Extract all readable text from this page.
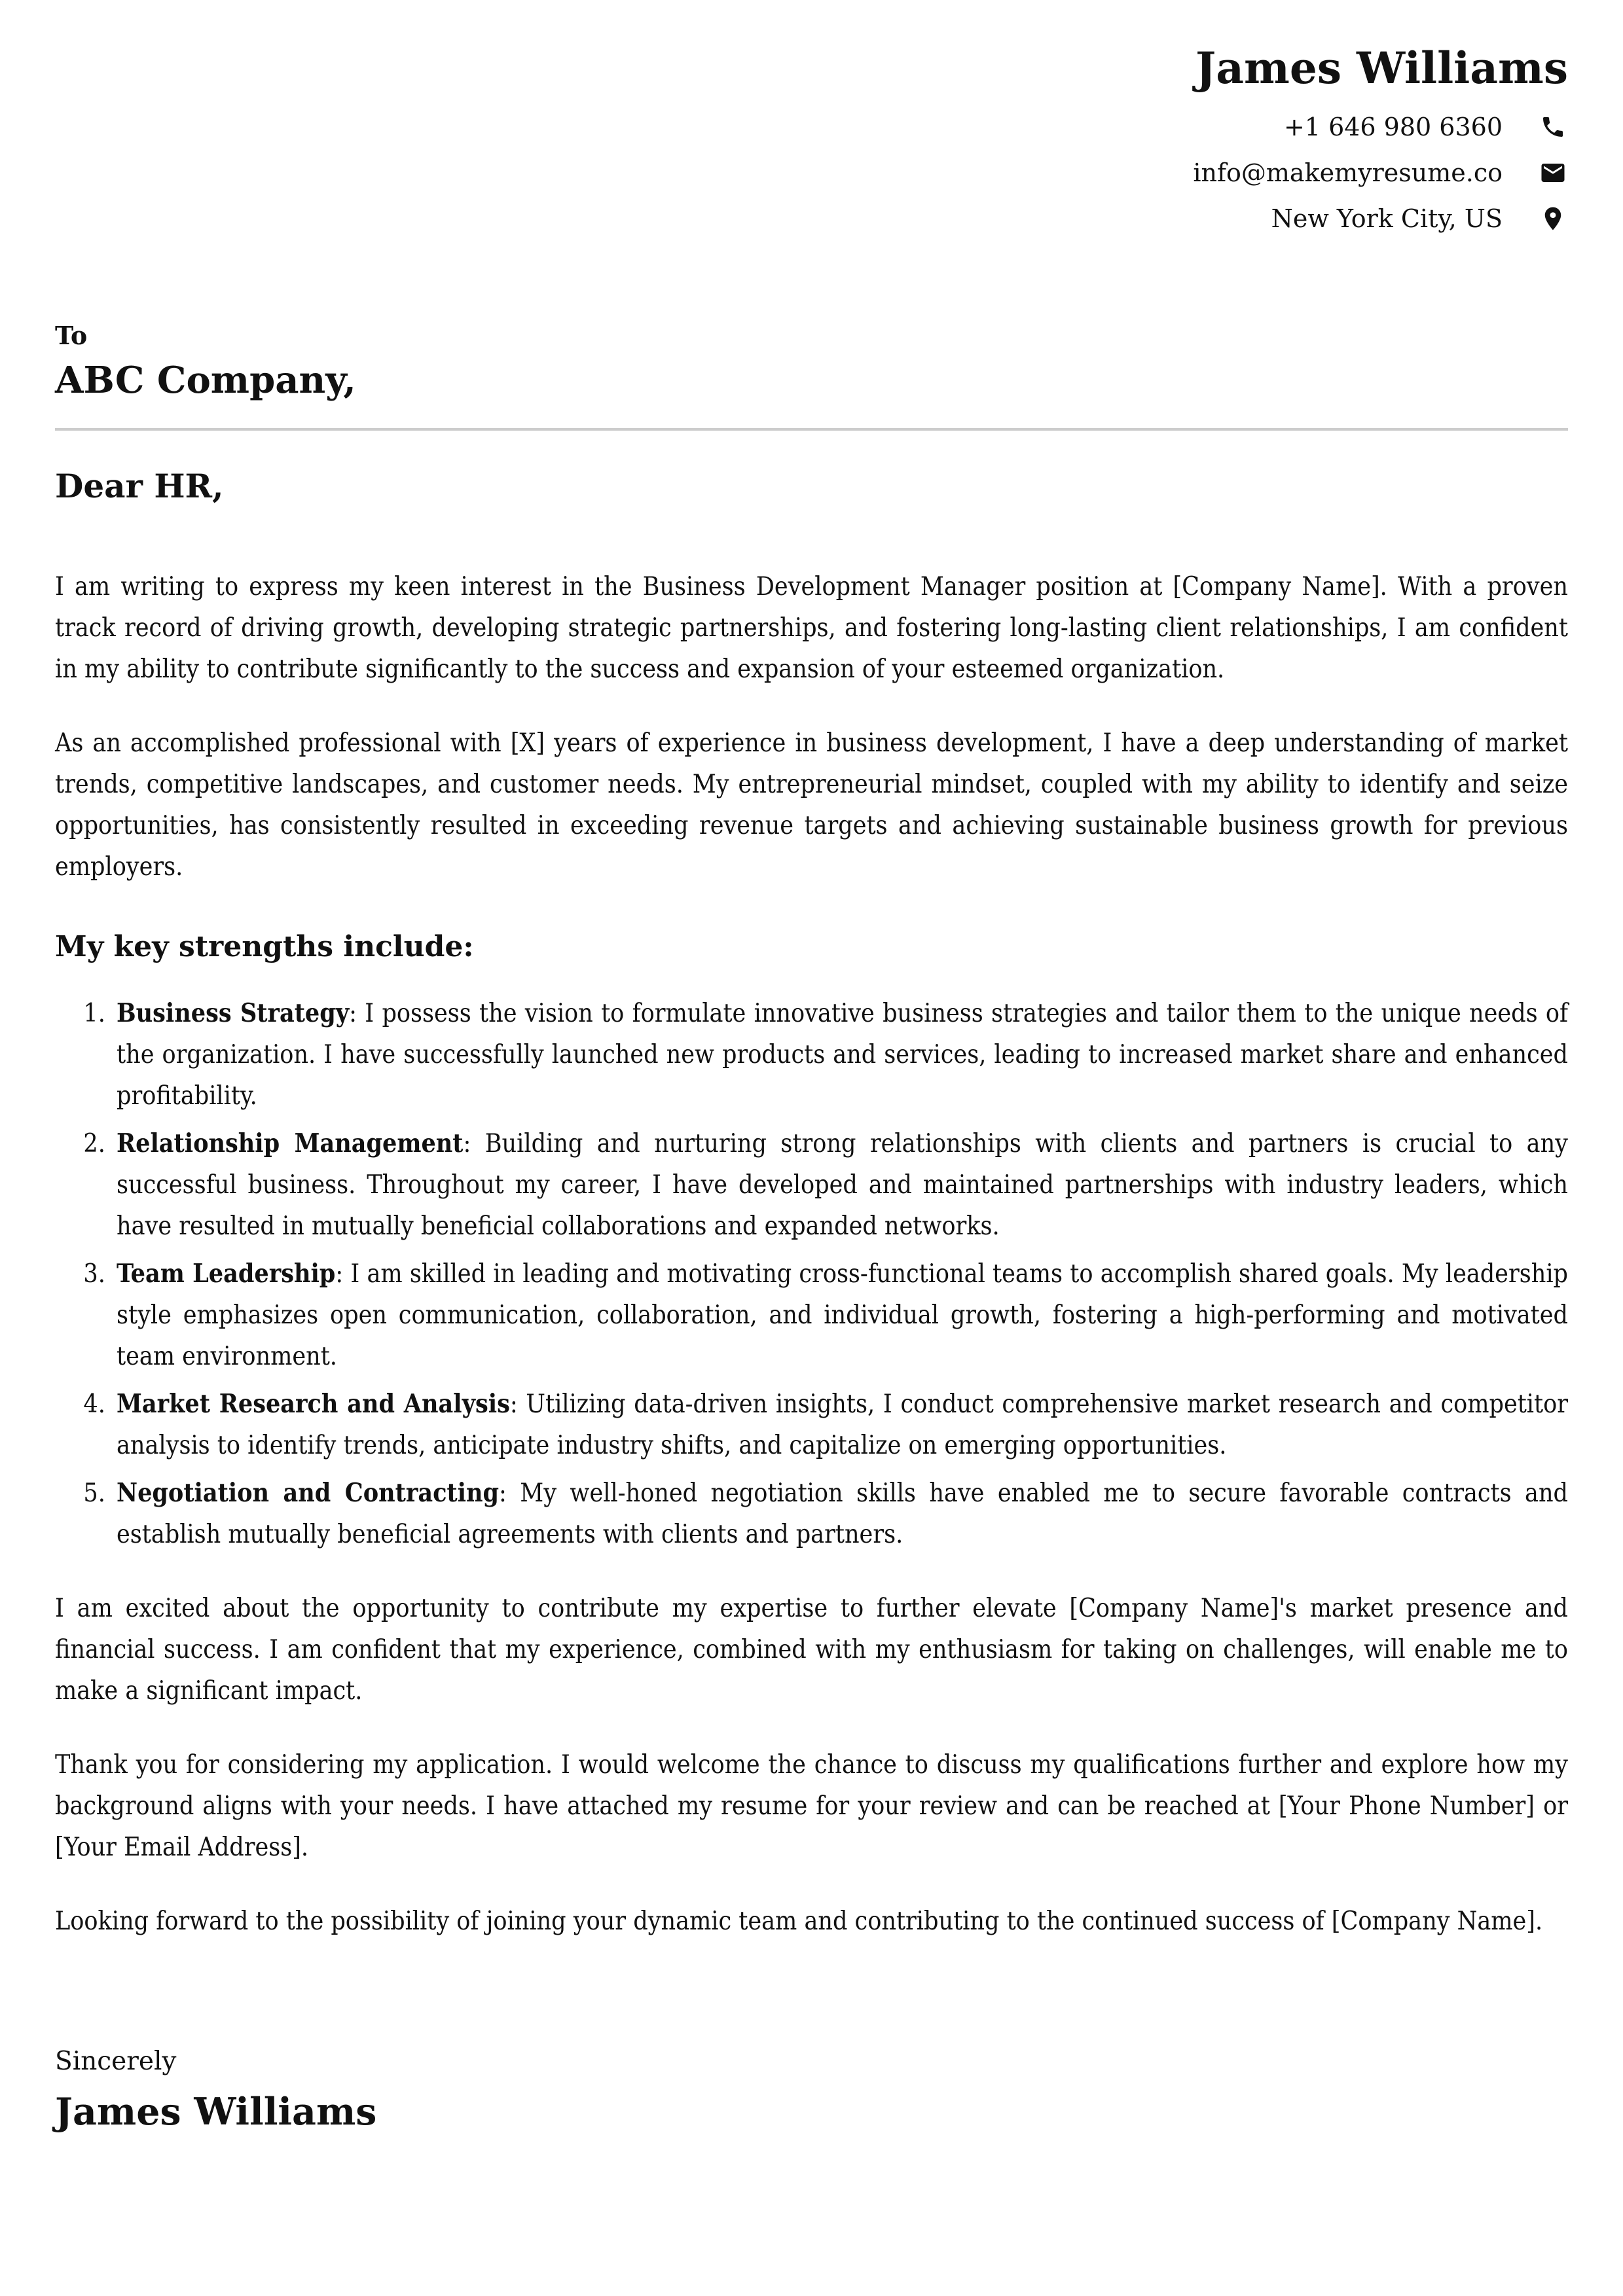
James Williams
+1 646 980 6360
info@makemyresume.co
New York City, US
To
ABC Company,
Dear HR,

I am writing to express my keen interest in the Business Development Manager position at [Company Name]. With a proven track record of driving growth, developing strategic partnerships, and fostering long-lasting client relationships, I am confident in my ability to contribute significantly to the success and expansion of your esteemed organization.

As an accomplished professional with [X] years of experience in business development, I have a deep understanding of market trends, competitive landscapes, and customer needs. My entrepreneurial mindset, coupled with my ability to identify and seize opportunities, has consistently resulted in exceeding revenue targets and achieving sustainable business growth for previous employers.

My key strengths include:

1. Business Strategy: I possess the vision to formulate innovative business strategies and tailor them to the unique needs of the organization. I have successfully launched new products and services, leading to increased market share and enhanced profitability.
2. Relationship Management: Building and nurturing strong relationships with clients and partners is crucial to any successful business. Throughout my career, I have developed and maintained partnerships with industry leaders, which have resulted in mutually beneficial collaborations and expanded networks.
3. Team Leadership: I am skilled in leading and motivating cross-functional teams to accomplish shared goals. My leadership style emphasizes open communication, collaboration, and individual growth, fostering a high-performing and motivated team environment.
4. Market Research and Analysis: Utilizing data-driven insights, I conduct comprehensive market research and competitor analysis to identify trends, anticipate industry shifts, and capitalize on emerging opportunities.
5. Negotiation and Contracting: My well-honed negotiation skills have enabled me to secure favorable contracts and establish mutually beneficial agreements with clients and partners.

I am excited about the opportunity to contribute my expertise to further elevate [Company Name]'s market presence and financial success. I am confident that my experience, combined with my enthusiasm for taking on challenges, will enable me to make a significant impact.

Thank you for considering my application. I would welcome the chance to discuss my qualifications further and explore how my background aligns with your needs. I have attached my resume for your review and can be reached at [Your Phone Number] or [Your Email Address].

Looking forward to the possibility of joining your dynamic team and contributing to the continued success of [Company Name].

Sincerely
James Williams
